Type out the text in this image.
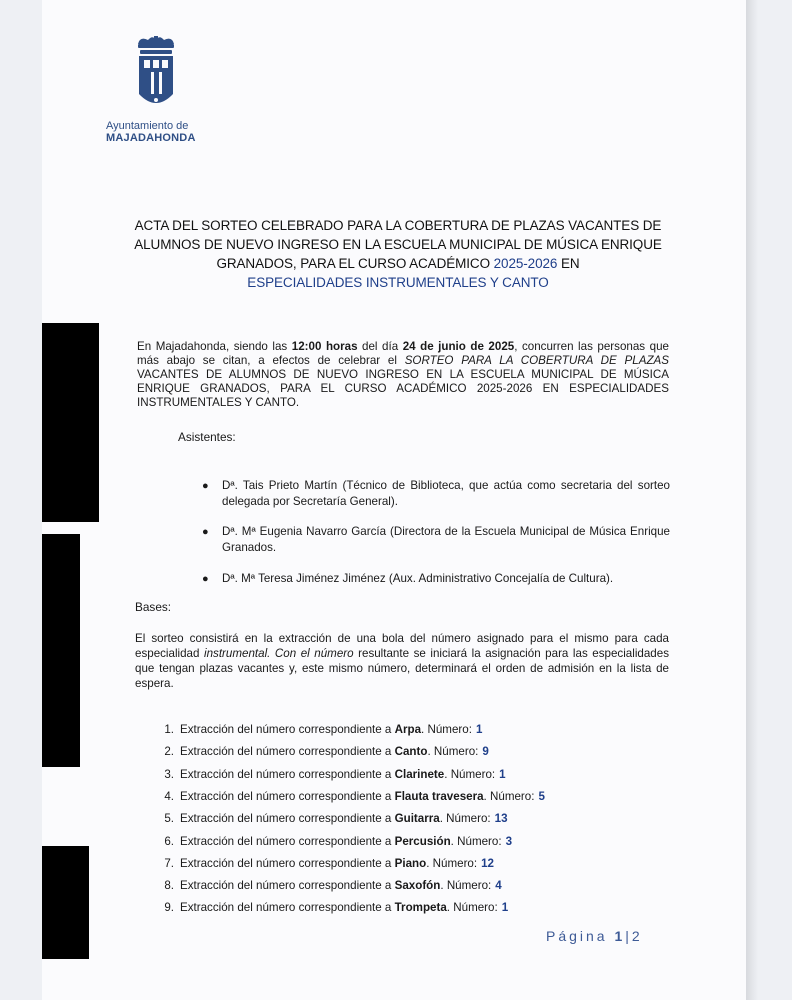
Ayuntamiento de
MAJADAHONDA
ACTA DEL SORTEO CELEBRADO PARA LA COBERTURA DE PLAZAS VACANTES DE
ALUMNOS DE NUEVO INGRESO EN LA ESCUELA MUNICIPAL DE MÚSICA ENRIQUE
GRANADOS, PARA EL CURSO ACADÉMICO 2025-2026 EN
ESPECIALIDADES INSTRUMENTALES Y CANTO
En Majadahonda, siendo las 12:00 horas del día 24 de junio de 2025, concurren las personas que más abajo se citan, a efectos de celebrar el SORTEO PARA LA COBERTURA DE PLAZAS VACANTES DE ALUMNOS DE NUEVO INGRESO EN LA ESCUELA MUNICIPAL DE MÚSICA ENRIQUE GRANADOS, PARA EL CURSO ACADÉMICO 2025-2026 EN ESPECIALIDADES INSTRUMENTALES Y CANTO.
Asistentes:
● Dª. Tais Prieto Martín (Técnico de Biblioteca, que actúa como secretaria del sorteo delegada por Secretaría General).
● Dª. Mª Eugenia Navarro García (Directora de la Escuela Municipal de Música Enrique Granados.
● Dª. Mª Teresa Jiménez Jiménez (Aux. Administrativo Concejalía de Cultura).
Bases:
El sorteo consistirá en la extracción de una bola del número asignado para el mismo para cada especialidad instrumental. Con el número resultante se iniciará la asignación para las especialidades que tengan plazas vacantes y, este mismo número, determinará el orden de admisión en la lista de espera.
1. Extracción del número correspondiente a Arpa. Número: 1
2. Extracción del número correspondiente a Canto. Número: 9
3. Extracción del número correspondiente a Clarinete. Número: 1
4. Extracción del número correspondiente a Flauta travesera. Número: 5
5. Extracción del número correspondiente a Guitarra. Número: 13
6. Extracción del número correspondiente a Percusión. Número: 3
7. Extracción del número correspondiente a Piano. Número: 12
8. Extracción del número correspondiente a Saxofón. Número: 4
9. Extracción del número correspondiente a Trompeta. Número: 1
Página 1|2
